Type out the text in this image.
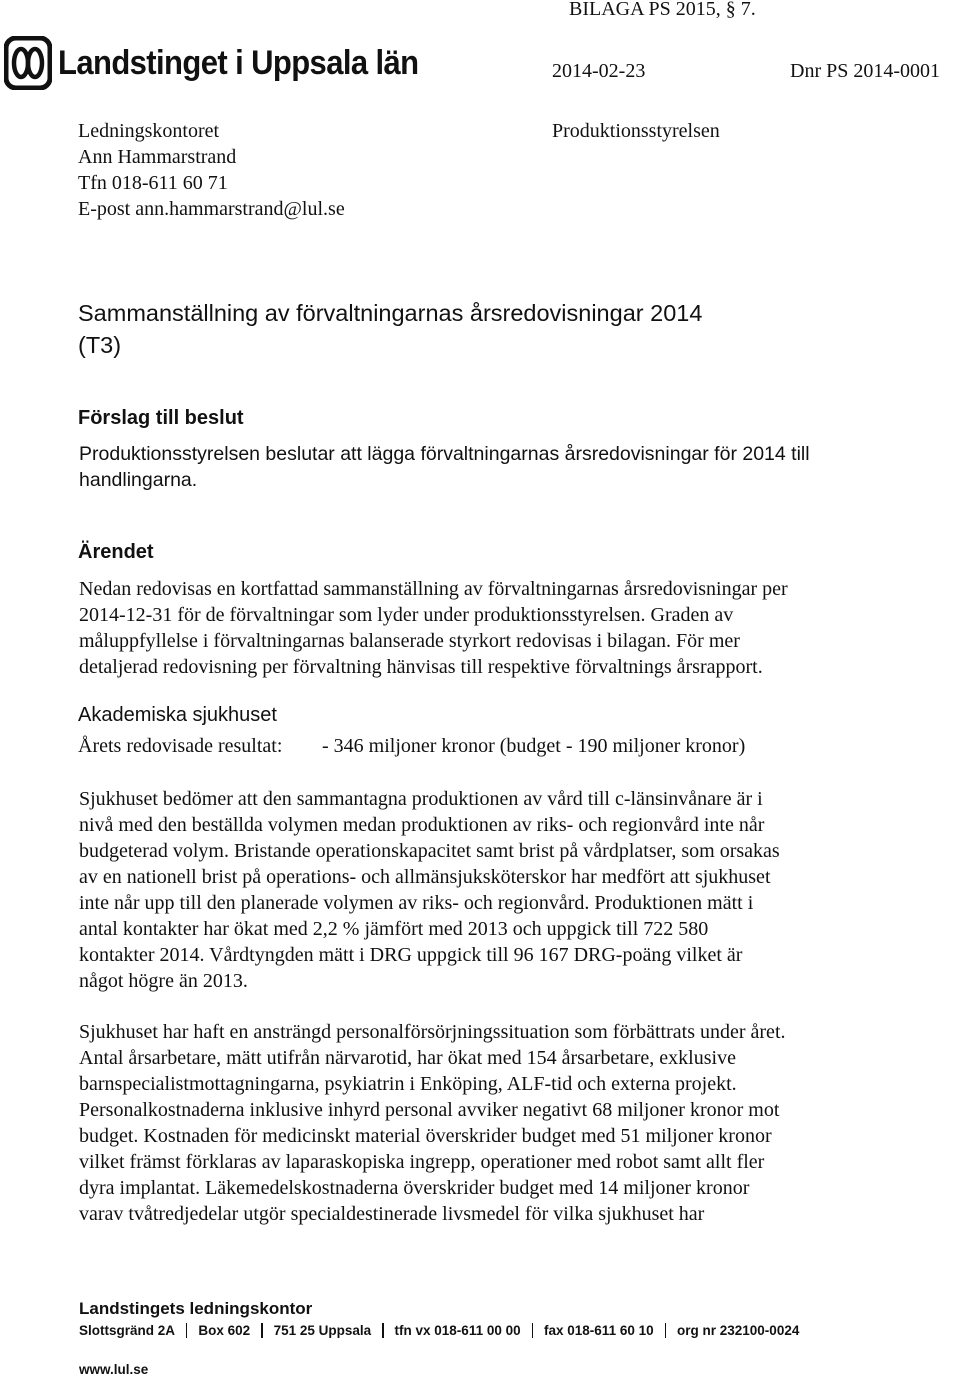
BILAGA PS 2015, § 7.
Landstinget i Uppsala län	2014-02-23	Dnr PS 2014-0001
Ledningskontoret
Ann Hammarstrand
Tfn 018-611 60 71
E-post ann.hammarstrand@lul.se
Produktionsstyrelsen
Sammanställning av förvaltningarnas årsredovisningar 2014
(T3)
Förslag till beslut
Produktionsstyrelsen beslutar att lägga förvaltningarnas årsredovisningar för 2014 till
handlingarna.
Ärendet
Nedan redovisas en kortfattad sammanställning av förvaltningarnas årsredovisningar per
2014-12-31 för de förvaltningar som lyder under produktionsstyrelsen. Graden av
måluppfyllelse i förvaltningarnas balanserade styrkort redovisas i bilagan. För mer
detaljerad redovisning per förvaltning hänvisas till respektive förvaltnings årsrapport.
Akademiska sjukhuset
Årets redovisade resultat: - 346 miljoner kronor (budget - 190 miljoner kronor)
Sjukhuset bedömer att den sammantagna produktionen av vård till c-länsinvånare är i
nivå med den beställda volymen medan produktionen av riks- och regionvård inte når
budgeterad volym. Bristande operationskapacitet samt brist på vårdplatser, som orsakas
av en nationell brist på operations- och allmänsjuksköterskor har medfört att sjukhuset
inte når upp till den planerade volymen av riks- och regionvård. Produktionen mätt i
antal kontakter har ökat med 2,2 % jämfört med 2013 och uppgick till 722 580
kontakter 2014. Vårdtyngden mätt i DRG uppgick till 96 167 DRG-poäng vilket är
något högre än 2013.
Sjukhuset har haft en ansträngd personalförsörjningssituation som förbättrats under året.
Antal årsarbetare, mätt utifrån närvarotid, har ökat med 154 årsarbetare, exklusive
barnspecialistmottagningarna, psykiatrin i Enköping, ALF-tid och externa projekt.
Personalkostnaderna inklusive inhyrd personal avviker negativt 68 miljoner kronor mot
budget. Kostnaden för medicinskt material överskrider budget med 51 miljoner kronor
vilket främst förklaras av laparaskopiska ingrepp, operationer med robot samt allt fler
dyra implantat. Läkemedelskostnaderna överskrider budget med 14 miljoner kronor
varav tvåtredjedelar utgör specialdestinerade livsmedel för vilka sjukhuset har
Landstingets ledningskontor
Slottsgränd 2A Box 602 751 25 Uppsala tfn vx 018-611 00 00 fax 018-611 60 10 org nr 232100-0024
www.lul.se
